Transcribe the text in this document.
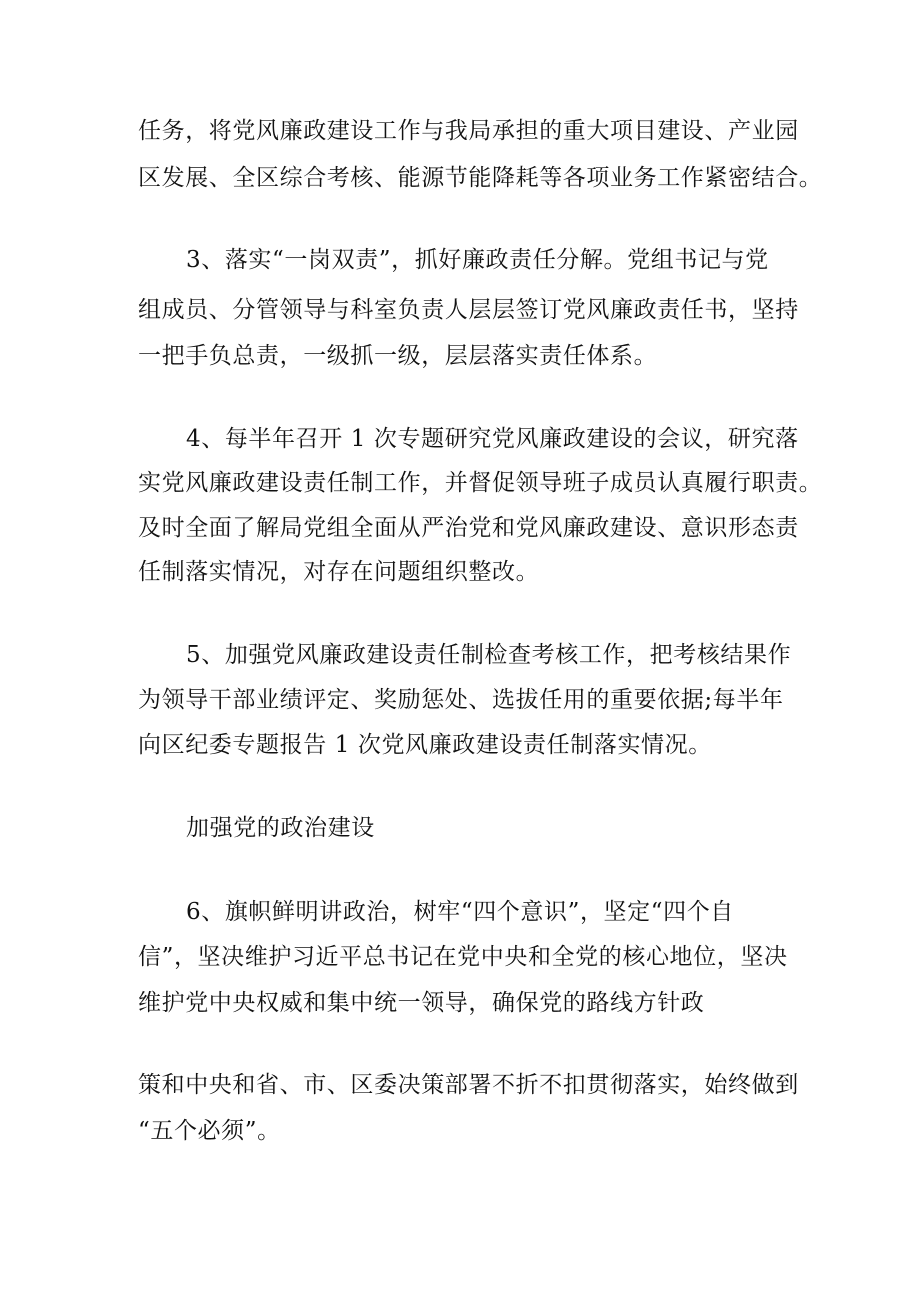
任务，将党风廉政建设工作与我局承担的重大项目建设、产业园
区发展、全区综合考核、能源节能降耗等各项业务工作紧密结合。
3、落实“一岗双责”，抓好廉政责任分解。党组书记与党
组成员、分管领导与科室负责人层层签订党风廉政责任书，坚持
一把手负总责，一级抓一级，层层落实责任体系。
4、每半年召开 1 次专题研究党风廉政建设的会议，研究落
实党风廉政建设责任制工作，并督促领导班子成员认真履行职责。
及时全面了解局党组全面从严治党和党风廉政建设、意识形态责
任制落实情况，对存在问题组织整改。
5、加强党风廉政建设责任制检查考核工作，把考核结果作
为领导干部业绩评定、奖励惩处、选拔任用的重要依据;每半年
向区纪委专题报告 1 次党风廉政建设责任制落实情况。
加强党的政治建设
6、旗帜鲜明讲政治，树牢“四个意识”，坚定“四个自
信”，坚决维护习近平总书记在党中央和全党的核心地位，坚决
维护党中央权威和集中统一领导，确保党的路线方针政
策和中央和省、市、区委决策部署不折不扣贯彻落实，始终做到
“五个必须”。
